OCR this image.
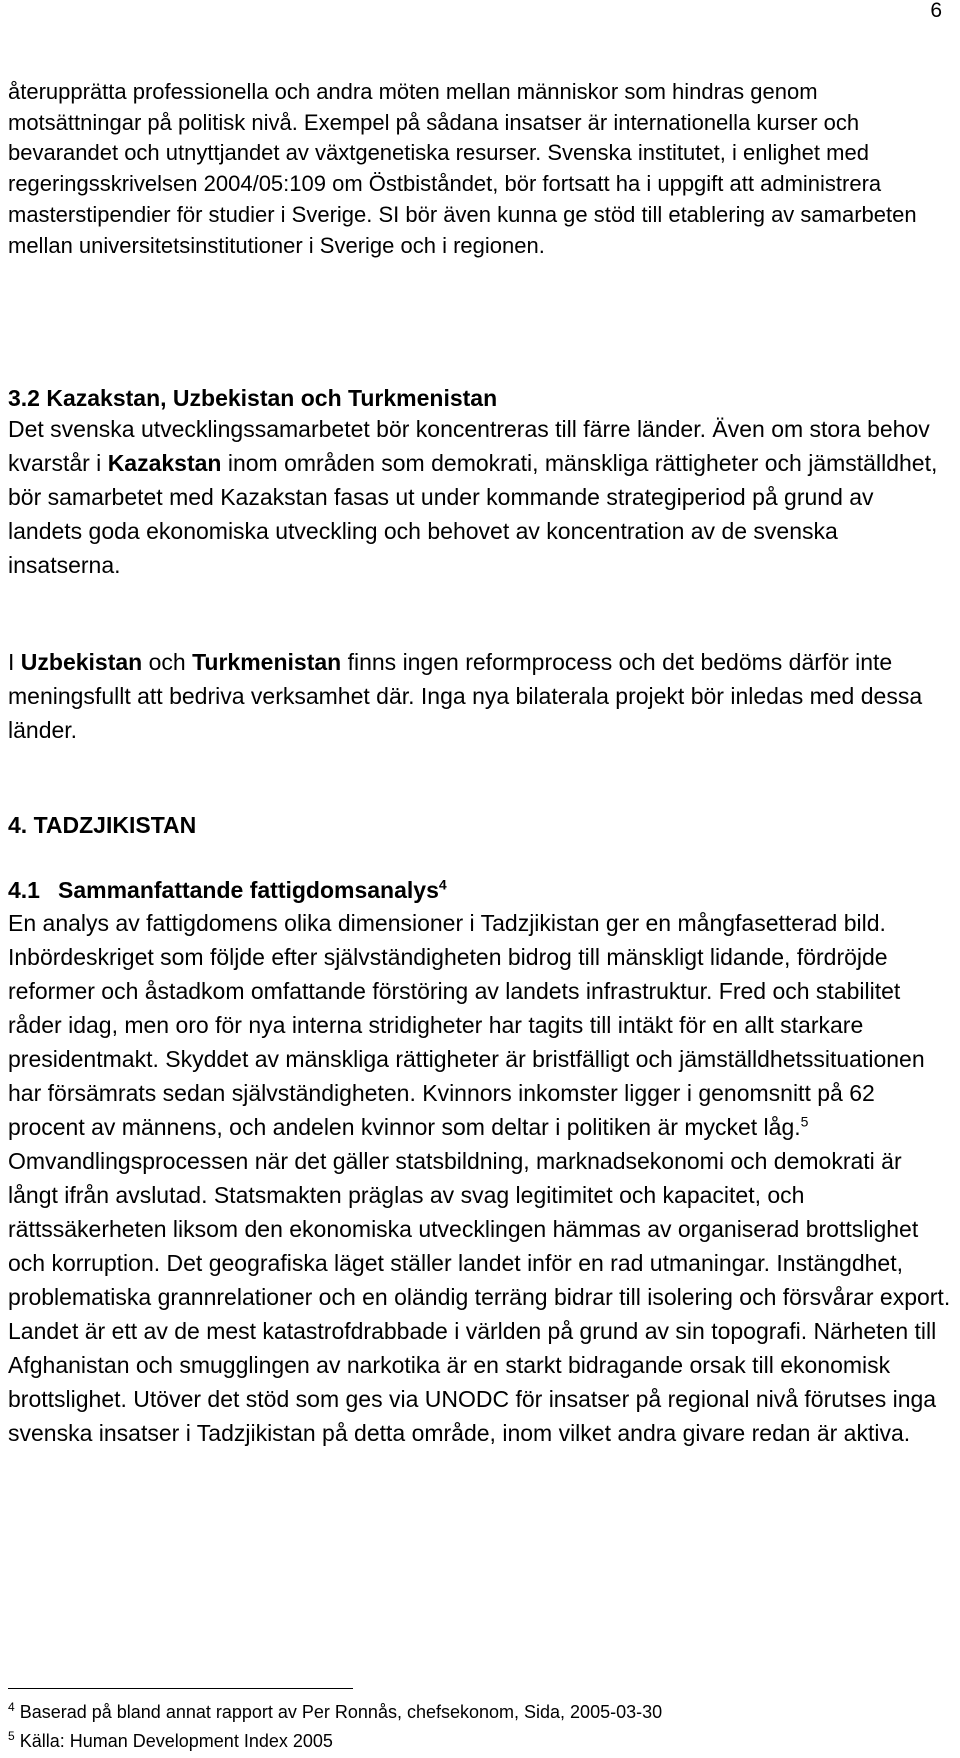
6

återupprätta professionella och andra möten mellan människor som hindras genom motsättningar på politisk nivå. Exempel på sådana insatser är internationella kurser och bevarandet och utnyttjandet av växtgenetiska resurser. Svenska institutet, i enlighet med regeringsskrivelsen 2004/05:109 om Östbiståndet, bör fortsatt ha i uppgift att administrera masterstipendier för studier i Sverige. SI bör även kunna ge stöd till etablering av samarbeten mellan universitetsinstitutioner i Sverige och i regionen.

3.2 Kazakstan, Uzbekistan och Turkmenistan

Det svenska utvecklingssamarbetet bör koncentreras till färre länder. Även om stora behov kvarstår i Kazakstan inom områden som demokrati, mänskliga rättigheter och jämställdhet, bör samarbetet med Kazakstan fasas ut under kommande strategiperiod på grund av landets goda ekonomiska utveckling och behovet av koncentration av de svenska insatserna.

I Uzbekistan och Turkmenistan finns ingen reformprocess och det bedöms därför inte meningsfullt att bedriva verksamhet där. Inga nya bilaterala projekt bör inledas med dessa länder.

4. TADZJIKISTAN
4.1 Sammanfattande fattigdomsanalys$^4$

En analys av fattigdomens olika dimensioner i Tadzjikistan ger en mångfasetterad bild. Inbördeskriget som följde efter självständigheten bidrog till mänskligt lidande, fördröjde reformer och åstadkom omfattande förstöring av landets infrastruktur. Fred och stabilitet råder idag, men oro för nya interna stridigheter har tagits till intäkt för en allt starkare presidentmakt. Skyddet av mänskliga rättigheter är bristfälligt och jämställdhetssituationen har försämrats sedan självständigheten. Kvinnors inkomster ligger i genomsnitt på 62 procent av männens, och andelen kvinnor som deltar i politiken är mycket låg.$^5$ Omvandlingsprocessen när det gäller statsbildning, marknadsekonomi och demokrati är långt ifrån avslutad. Statsmakten präglas av svag legitimitet och kapacitet, och rättssäkerheten liksom den ekonomiska utvecklingen hämmas av organiserad brottslighet och korruption. Det geografiska läget ställer landet inför en rad utmaningar. Instängdhet, problematiska grannrelationer och en oländig terräng bidrar till isolering och försvårar export. Landet är ett av de mest katastrofdrabbade i världen på grund av sin topografi. Närheten till Afghanistan och smugglingen av narkotika är en starkt bidragande orsak till ekonomisk brottslighet. Utöver det stöd som ges via UNODC för insatser på regional nivå förutses inga svenska insatser i Tadzjikistan på detta område, inom vilket andra givare redan är aktiva.

$^4$ Baserad på bland annat rapport av Per Ronnås, chefsekonom, Sida, 2005-03-30

$^5$ Källa: Human Development Index 2005
